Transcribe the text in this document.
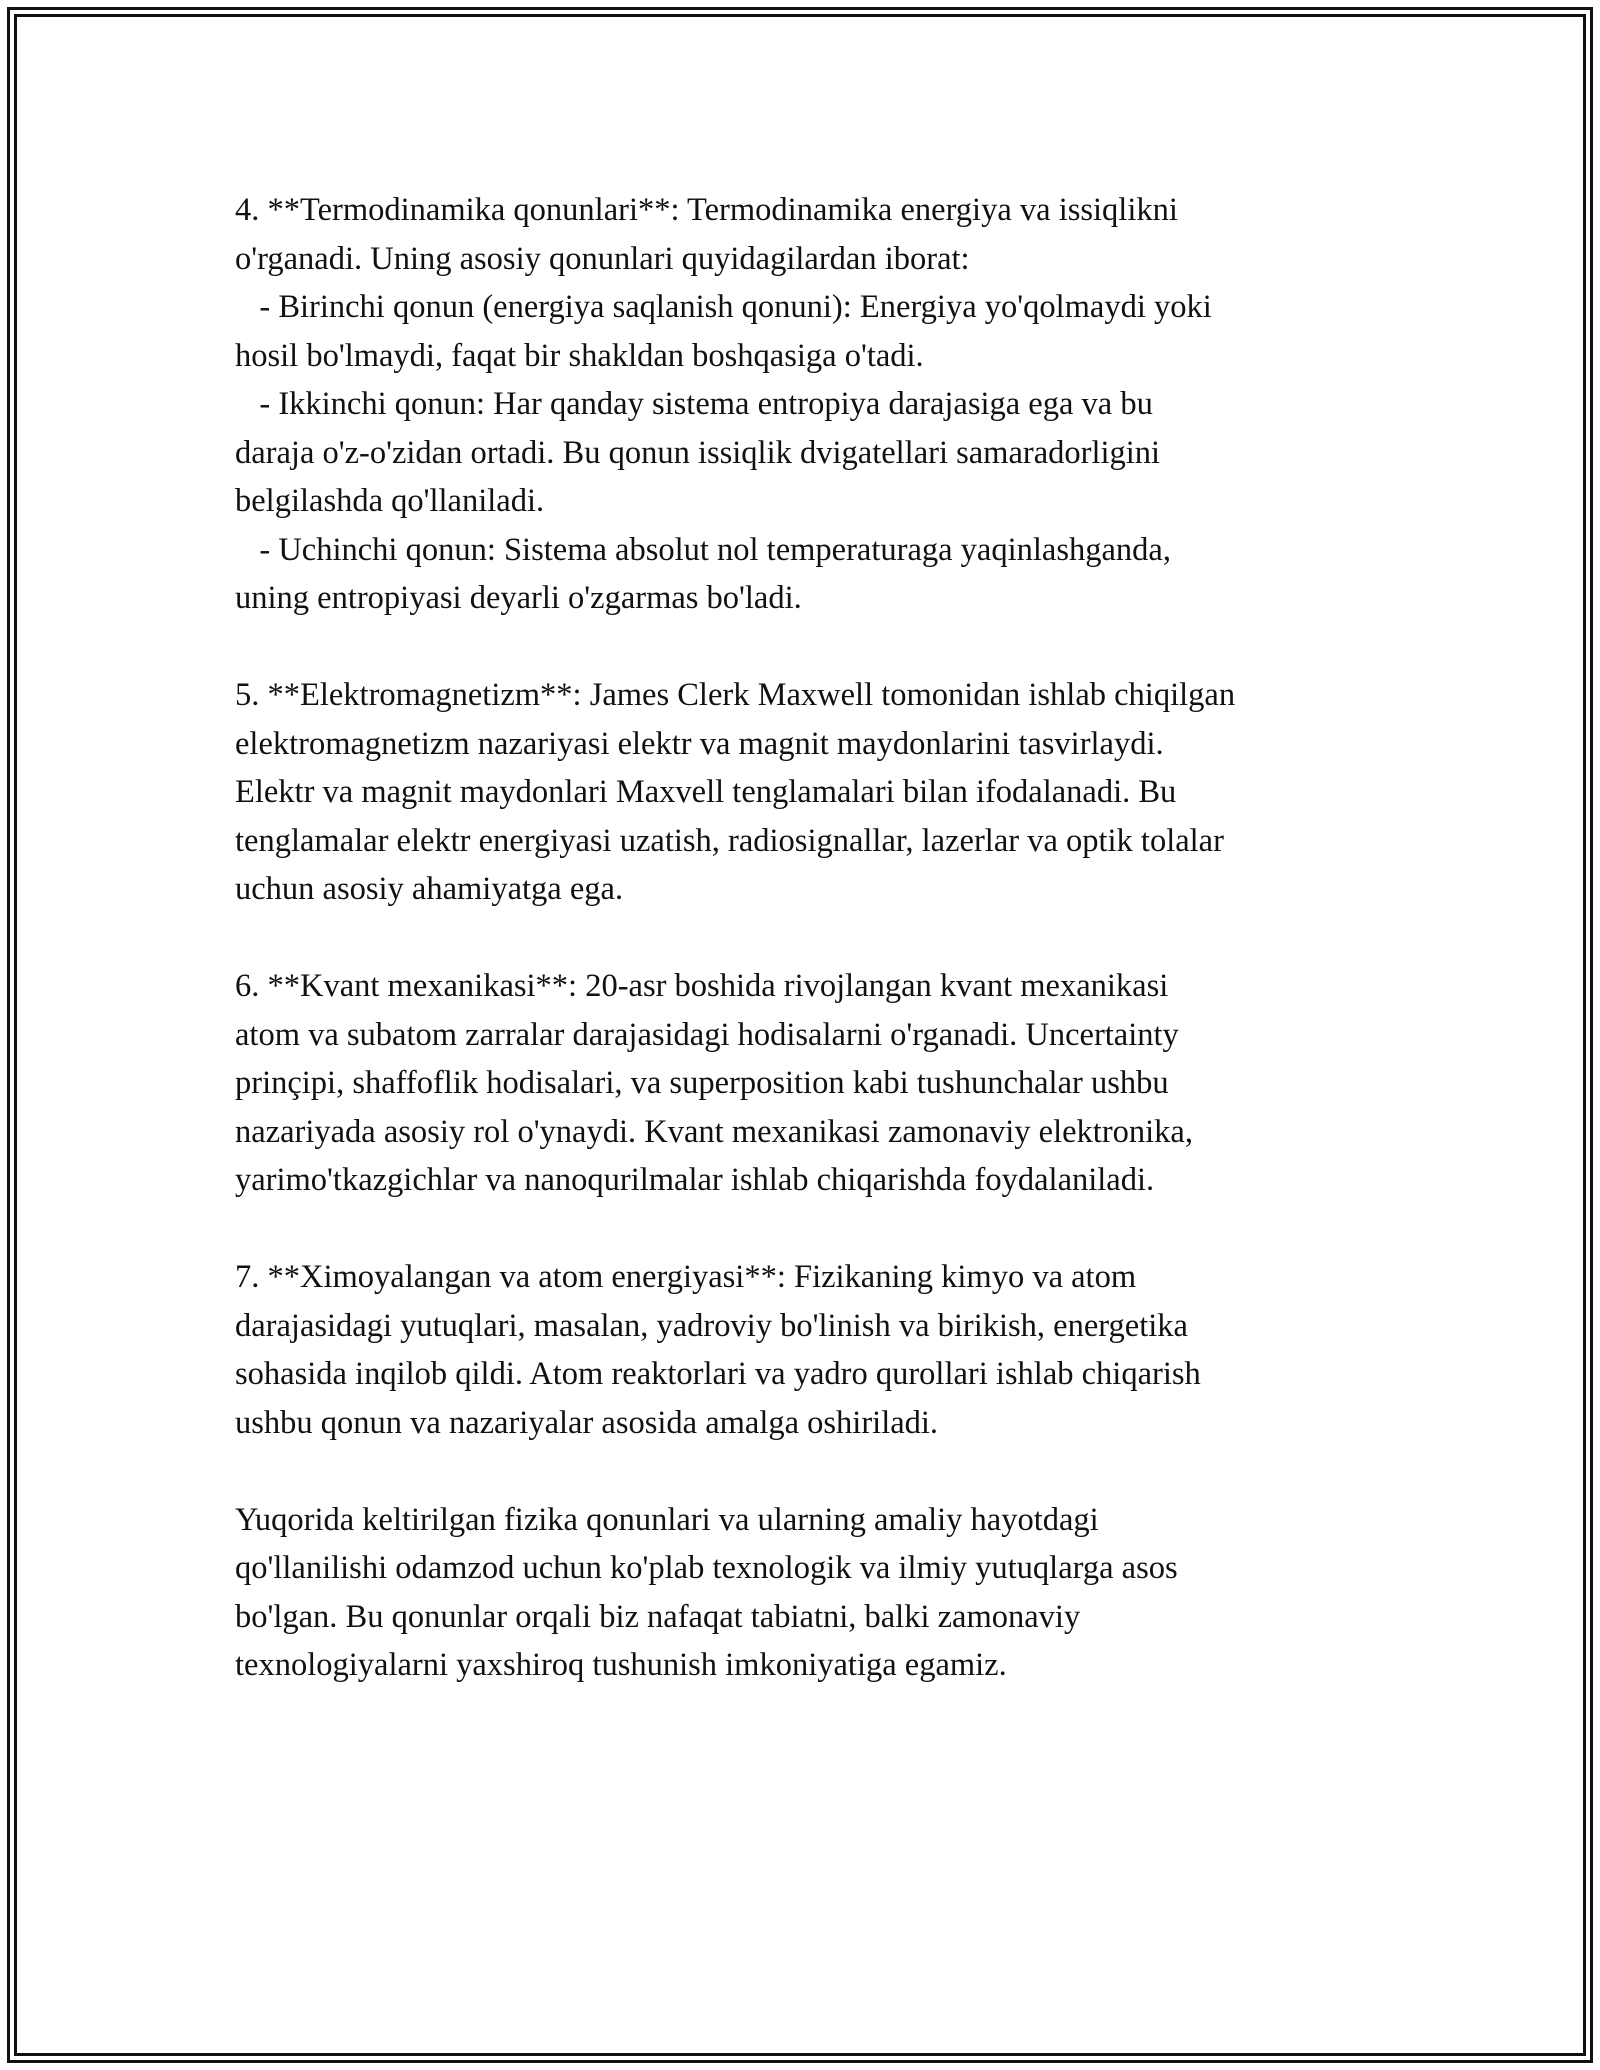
4. **Termodinamika qonunlari**: Termodinamika energiya va issiqlikni
o'rganadi. Uning asosiy qonunlari quyidagilardan iborat:
- Birinchi qonun (energiya saqlanish qonuni): Energiya yo'qolmaydi yoki
hosil bo'lmaydi, faqat bir shakldan boshqasiga o'tadi.
- Ikkinchi qonun: Har qanday sistema entropiya darajasiga ega va bu
daraja o'z-o'zidan ortadi. Bu qonun issiqlik dvigatellari samaradorligini
belgilashda qo'llaniladi.
- Uchinchi qonun: Sistema absolut nol temperaturaga yaqinlashganda,
uning entropiyasi deyarli o'zgarmas bo'ladi.

5. **Elektromagnetizm**: James Clerk Maxwell tomonidan ishlab chiqilgan
elektromagnetizm nazariyasi elektr va magnit maydonlarini tasvirlaydi.
Elektr va magnit maydonlari Maxvell tenglamalari bilan ifodalanadi. Bu
tenglamalar elektr energiyasi uzatish, radiosignallar, lazerlar va optik tolalar
uchun asosiy ahamiyatga ega.

6. **Kvant mexanikasi**: 20-asr boshida rivojlangan kvant mexanikasi
atom va subatom zarralar darajasidagi hodisalarni o'rganadi. Uncertainty
prinçipi, shaffoflik hodisalari, va superposition kabi tushunchalar ushbu
nazariyada asosiy rol o'ynaydi. Kvant mexanikasi zamonaviy elektronika,
yarimo'tkazgichlar va nanoqurilmalar ishlab chiqarishda foydalaniladi.

7. **Ximoyalangan va atom energiyasi**: Fizikaning kimyo va atom
darajasidagi yutuqlari, masalan, yadroviy bo'linish va birikish, energetika
sohasida inqilob qildi. Atom reaktorlari va yadro qurollari ishlab chiqarish
ushbu qonun va nazariyalar asosida amalga oshiriladi.

Yuqorida keltirilgan fizika qonunlari va ularning amaliy hayotdagi
qo'llanilishi odamzod uchun ko'plab texnologik va ilmiy yutuqlarga asos
bo'lgan. Bu qonunlar orqali biz nafaqat tabiatni, balki zamonaviy
texnologiyalarni yaxshiroq tushunish imkoniyatiga egamiz.
